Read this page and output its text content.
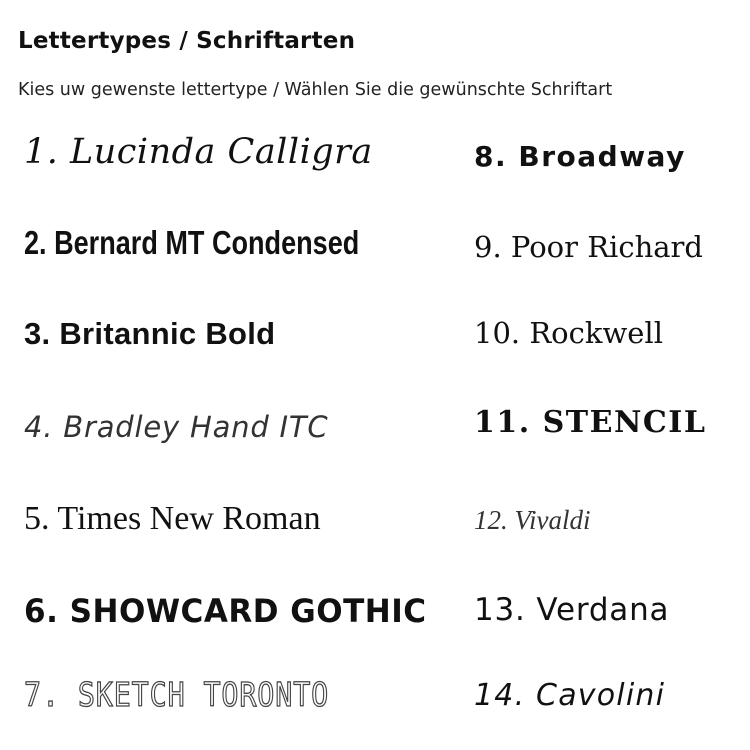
Lettertypes / Schriftarten
Kies uw gewenste lettertype / Wählen Sie die gewünschte Schriftart
1. Lucinda Calligra
2. Bernard MT Condensed
3. Britannic Bold
4. Bradley Hand ITC
5. Times New Roman
6. SHOWCARD GOTHIC
7. SKETCH TORONTO
8. Broadway
9. Poor Richard
10. Rockwell
11. STENCIL
12. Vivaldi
13. Verdana
14. Cavolini
